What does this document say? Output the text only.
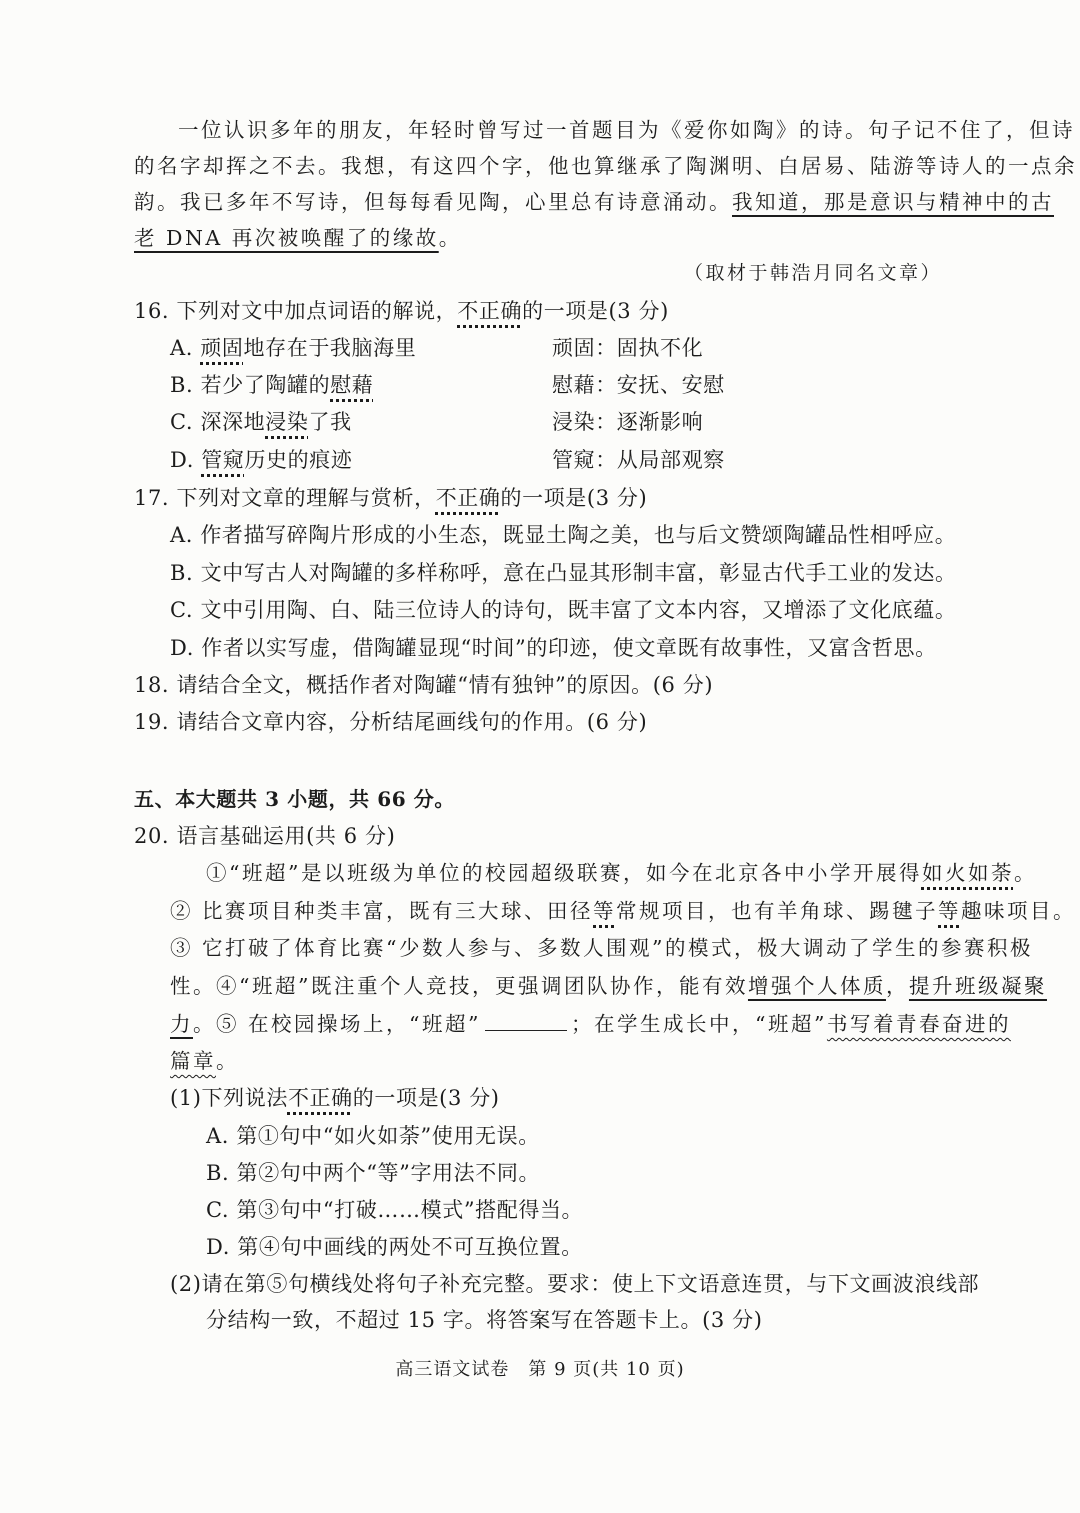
一位认识多年的朋友，年轻时曾写过一首题目为《爱你如陶》的诗。句子记不住了，但诗
的名字却挥之不去。我想，有这四个字，他也算继承了陶渊明、白居易、陆游等诗人的一点余
韵。我已多年不写诗，但每每看见陶，心里总有诗意涌动。我知道，那是意识与精神中的古
老 DNA 再次被唤醒了的缘故。
（取材于韩浩月同名文章）
16. 下列对文中加点词语的解说，不正确的一项是(3 分)
A. 顽固地存在于我脑海里	顽固：固执不化
B. 若少了陶罐的慰藉	慰藉：安抚、安慰
C. 深深地浸染了我	浸染：逐渐影响
D. 管窥历史的痕迹	管窥：从局部观察
17. 下列对文章的理解与赏析，不正确的一项是(3 分)
A. 作者描写碎陶片形成的小生态，既显土陶之美，也与后文赞颂陶罐品性相呼应。
B. 文中写古人对陶罐的多样称呼，意在凸显其形制丰富，彰显古代手工业的发达。
C. 文中引用陶、白、陆三位诗人的诗句，既丰富了文本内容，又增添了文化底蕴。
D. 作者以实写虚，借陶罐显现“时间”的印迹，使文章既有故事性，又富含哲思。
18. 请结合全文，概括作者对陶罐“情有独钟”的原因。(6 分)
19. 请结合文章内容，分析结尾画线句的作用。(6 分)
五、本大题共 3 小题，共 66 分。
20. 语言基础运用(共 6 分)
①“班超”是以班级为单位的校园超级联赛，如今在北京各中小学开展得如火如荼。
② 比赛项目种类丰富，既有三大球、田径等常规项目，也有羊角球、踢毽子等趣味项目。
③ 它打破了体育比赛“少数人参与、多数人围观”的模式，极大调动了学生的参赛积极
性。④“班超”既注重个人竞技，更强调团队协作，能有效增强个人体质，提升班级凝聚
力。⑤ 在校园操场上，“班超”	；在学生成长中，“班超”书写着青春奋进的
篇章。
(1)下列说法不正确的一项是(3 分)
A. 第①句中“如火如荼”使用无误。
B. 第②句中两个“等”字用法不同。
C. 第③句中“打破……模式”搭配得当。
D. 第④句中画线的两处不可互换位置。
(2)请在第⑤句横线处将句子补充完整。要求：使上下文语意连贯，与下文画波浪线部
分结构一致，不超过 15 字。将答案写在答题卡上。(3 分)
高三语文试卷　第 9 页(共 10 页)
